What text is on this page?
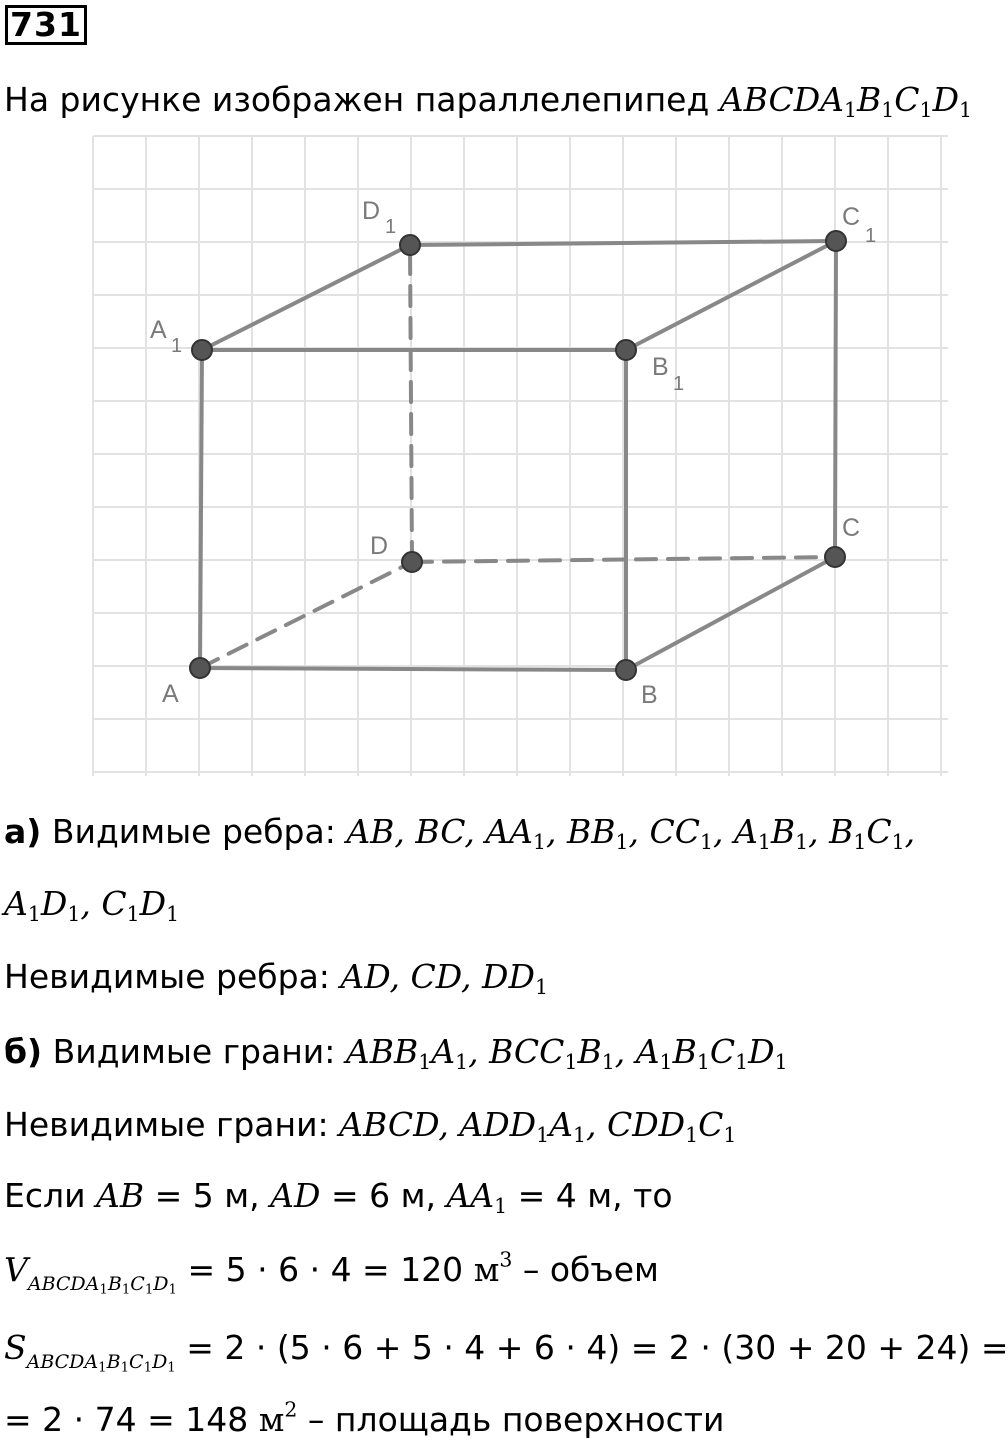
731
На рисунке изображен параллелепипед $ABCDA_1B_1C_1D_1$
A	B
C
D
A
1
B
1
C
1
D
1
а) Видимые ребра: AB, BC, $AA_1$, $BB_1$, $CC_1$, $A_1B_1$, $B_1C_1$,
$A_1D_1$, $C_1D_1$
Невидимые ребра: AD, CD, $DD_1$
б) Видимые грани: $ABB_1A_1$, $BCC_1B_1$, $A_1B_1C_1D_1$
Невидимые грани: ABCD, $ADD_1A_1$, $CDD_1C_1$
Если AB = 5 м, AD = 6 м, $AA_1 = 4$ м, то
$V_{ABCDA_1B_1C_1D_1} = 5 \cdot 6 \cdot 4 = 120$ $м^3$ – объем
$S_{ABCDA_1B_1C_1D_1} = 2 \cdot (5 \cdot 6 + 5 \cdot 4 + 6 \cdot 4) = 2 \cdot (30 + 20 + 24)$ =
= 2 · 74 = 148 $м^2$ – площадь поверхности
